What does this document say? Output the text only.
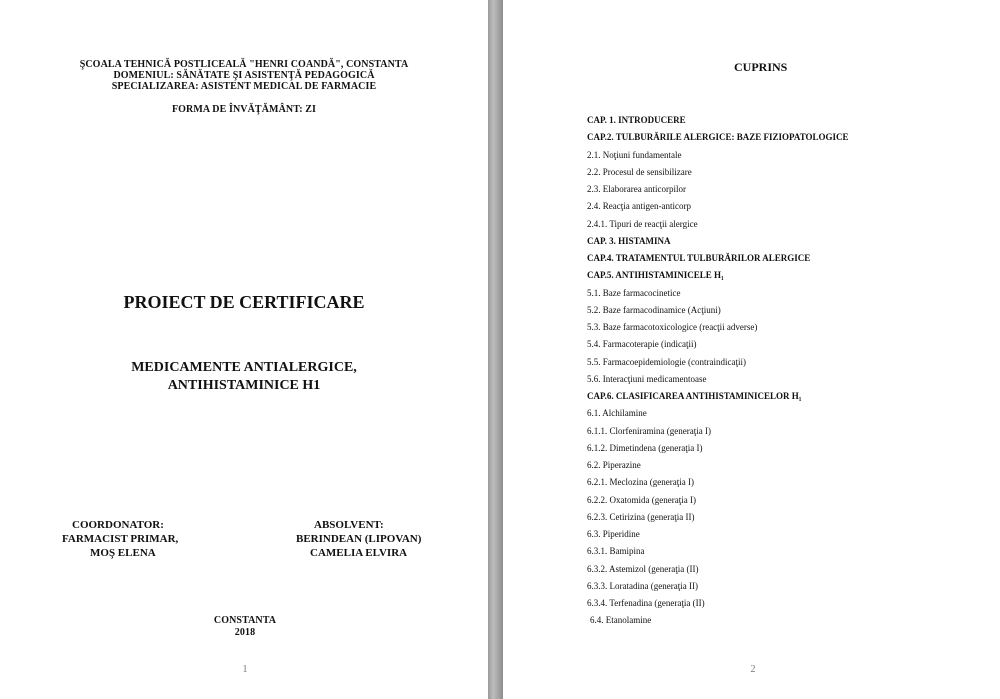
ŞCOALA TEHNICĂ POSTLICEALĂ "HENRI COANDĂ", CONSTANTA
DOMENIUL: SĂNĂTATE ŞI ASISTENŢĂ PEDAGOGICĂ
SPECIALIZAREA: ASISTENT MEDICAL DE FARMACIE
FORMA DE ÎNVĂŢĂMÂNT: ZI
PROIECT DE CERTIFICARE
MEDICAMENTE ANTIALERGICE,
ANTIHISTAMINICE H1
COORDONATOR:
FARMACIST PRIMAR,
MOŞ ELENA
ABSOLVENT:
BERINDEAN (LIPOVAN)
CAMELIA ELVIRA
CONSTANTA
2018
1
CUPRINS
CAP. 1. INTRODUCERE
CAP.2. TULBURĂRILE ALERGICE: BAZE FIZIOPATOLOGICE
2.1. Noţiuni fundamentale
2.2. Procesul de sensibilizare
2.3. Elaborarea anticorpilor
2.4. Reacţia antigen-anticorp
2.4.1. Tipuri de reacţii alergice
CAP. 3. HISTAMINA
CAP.4. TRATAMENTUL TULBURĂRILOR ALERGICE
CAP.5. ANTIHISTAMINICELE H₁
5.1. Baze farmacocinetice
5.2. Baze farmacodinamice (Acţiuni)
5.3. Baze farmacotoxicologice (reacţii adverse)
5.4. Farmacoterapie (indicaţii)
5.5. Farmacoepidemiologie (contraindicaţii)
5.6. Interacţiuni medicamentoase
CAP.6. CLASIFICAREA ANTIHISTAMINICELOR H₁
6.1. Alchilamine
6.1.1. Clorfeniramina (generaţia I)
6.1.2. Dimetindena (generaţia I)
6.2. Piperazine
6.2.1. Meclozina (generaţia I)
6.2.2. Oxatomida (generaţia I)
6.2.3. Cetirizina (generaţia II)
6.3. Piperidine
6.3.1. Bamipina
6.3.2. Astemizol (generaţia (II)
6.3.3. Loratadina (generaţia II)
6.3.4. Terfenadina (generaţia (II)
6.4. Etanolamine
2
